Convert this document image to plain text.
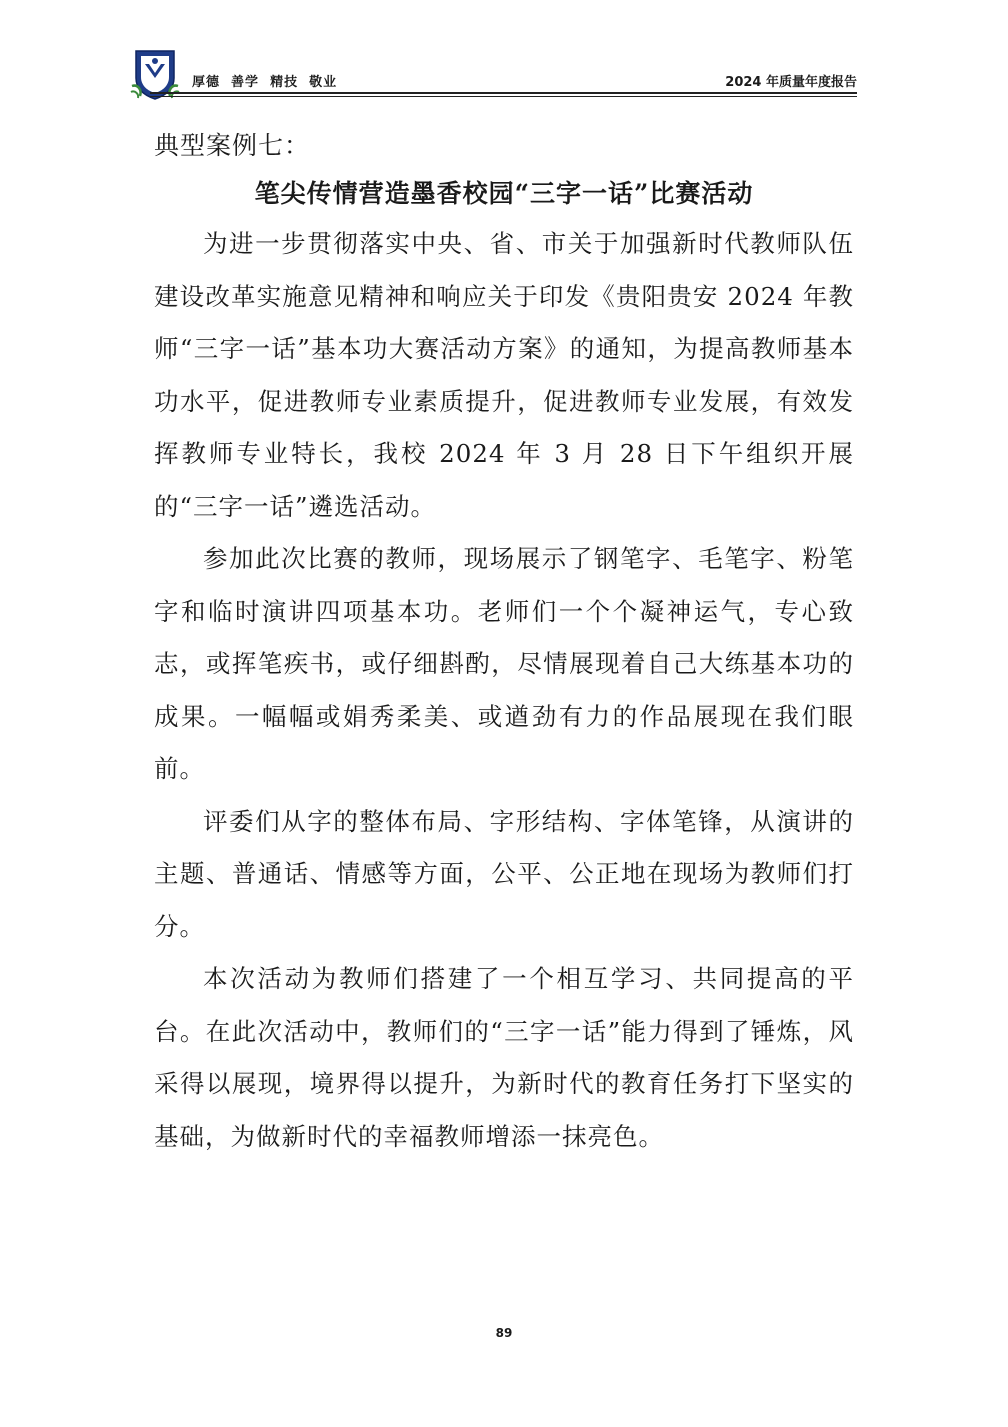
厚德  善学  精技  敬业	2024 年质量年度报告

典型案例七：

笔尖传情营造墨香校园“三字一话”比赛活动

为进一步贯彻落实中央、省、市关于加强新时代教师队伍建设改革实施意见精神和响应关于印发《贵阳贵安 2024 年教师“三字一话”基本功大赛活动方案》的通知，为提高教师基本功水平，促进教师专业素质提升，促进教师专业发展，有效发挥教师专业特长，我校 2024 年 3 月 28 日下午组织开展的“三字一话”遴选活动。

参加此次比赛的教师，现场展示了钢笔字、毛笔字、粉笔字和临时演讲四项基本功。老师们一个个凝神运气，专心致志，或挥笔疾书，或仔细斟酌，尽情展现着自己大练基本功的成果。一幅幅或娟秀柔美、或遒劲有力的作品展现在我们眼前。

评委们从字的整体布局、字形结构、字体笔锋，从演讲的主题、普通话、情感等方面，公平、公正地在现场为教师们打分。

本次活动为教师们搭建了一个相互学习、共同提高的平台。在此次活动中，教师们的“三字一话”能力得到了锤炼，风采得以展现，境界得以提升，为新时代的教育任务打下坚实的基础，为做新时代的幸福教师增添一抹亮色。

89
